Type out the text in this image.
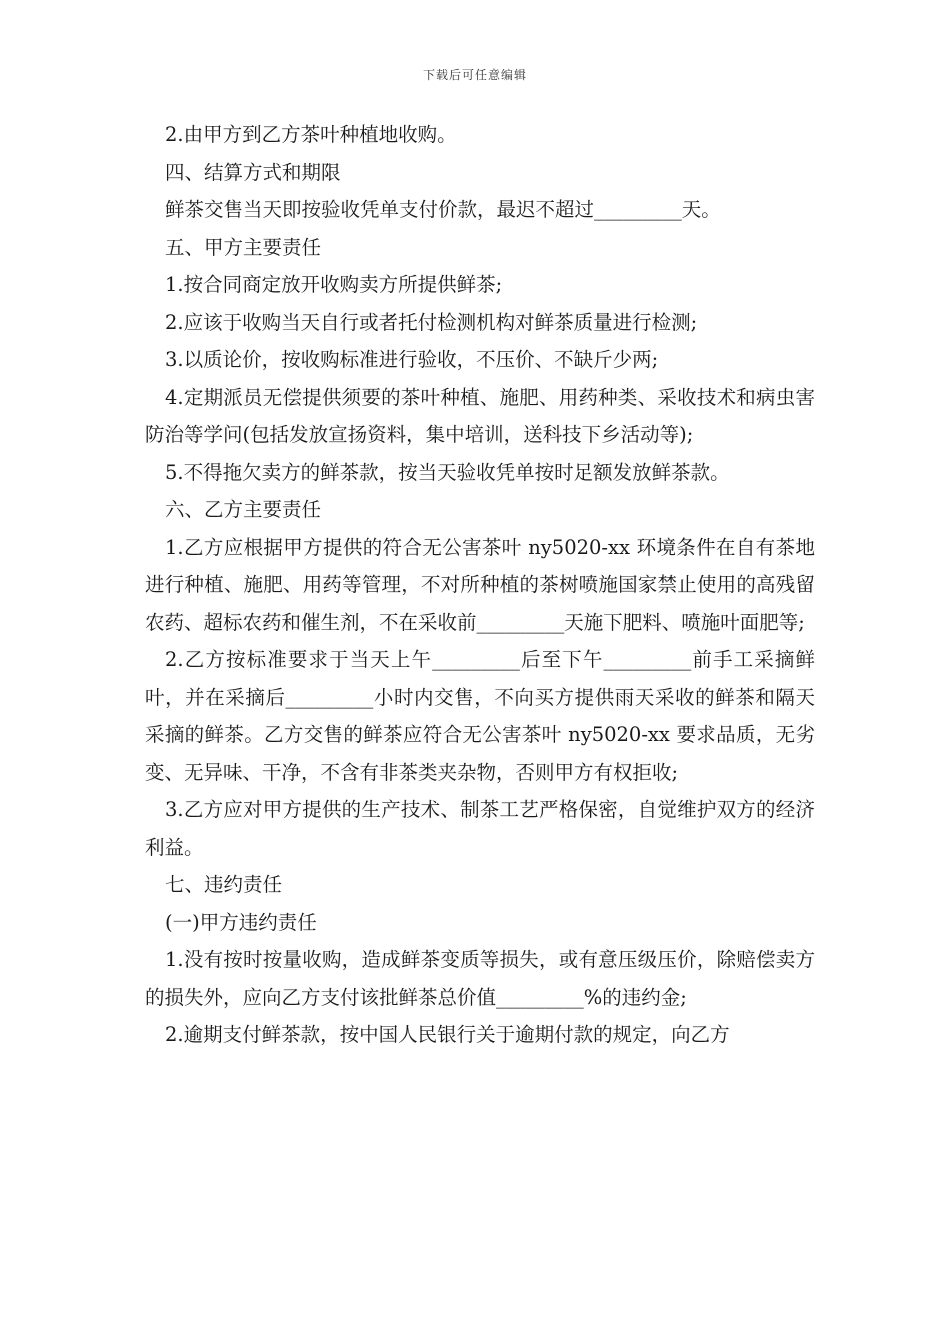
下载后可任意编辑

2.由甲方到乙方茶叶种植地收购。

四、结算方式和期限

鲜茶交售当天即按验收凭单支付价款，最迟不超过_________天。

五、甲方主要责任

1.按合同商定放开收购卖方所提供鲜茶;

2.应该于收购当天自行或者托付检测机构对鲜茶质量进行检测;

3.以质论价，按收购标准进行验收，不压价、不缺斤少两;

4.定期派员无偿提供须要的茶叶种植、施肥、用药种类、采收技术和病虫害防治等学问(包括发放宣扬资料，集中培训，送科技下乡活动等);

5.不得拖欠卖方的鲜茶款，按当天验收凭单按时足额发放鲜茶款。

六、乙方主要责任

1.乙方应根据甲方提供的符合无公害茶叶 ny5020-xx 环境条件在自有茶地进行种植、施肥、用药等管理，不对所种植的茶树喷施国家禁止使用的高残留农药、超标农药和催生剂，不在采收前_________天施下肥料、喷施叶面肥等;

2.乙方按标准要求于当天上午_________后至下午_________前手工采摘鲜叶，并在采摘后_________小时内交售，不向买方提供雨天采收的鲜茶和隔天采摘的鲜茶。乙方交售的鲜茶应符合无公害茶叶 ny5020-xx 要求品质，无劣变、无异味、干净，不含有非茶类夹杂物，否则甲方有权拒收;

3.乙方应对甲方提供的生产技术、制茶工艺严格保密，自觉维护双方的经济利益。

七、违约责任

(一)甲方违约责任

1.没有按时按量收购，造成鲜茶变质等损失，或有意压级压价，除赔偿卖方的损失外，应向乙方支付该批鲜茶总价值_________%的违约金;

2.逾期支付鲜茶款，按中国人民银行关于逾期付款的规定，向乙方
